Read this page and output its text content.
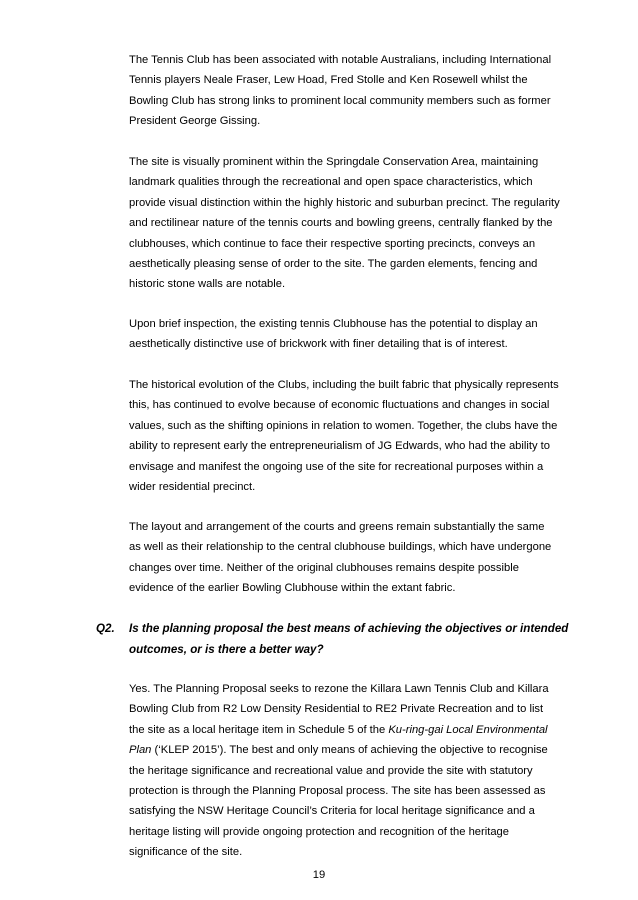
The Tennis Club has been associated with notable Australians, including International
Tennis players Neale Fraser, Lew Hoad, Fred Stolle and Ken Rosewell whilst the
Bowling Club has strong links to prominent local community members such as former
President George Gissing.

The site is visually prominent within the Springdale Conservation Area, maintaining
landmark qualities through the recreational and open space characteristics, which
provide visual distinction within the highly historic and suburban precinct. The regularity
and rectilinear nature of the tennis courts and bowling greens, centrally flanked by the
clubhouses, which continue to face their respective sporting precincts, conveys an
aesthetically pleasing sense of order to the site. The garden elements, fencing and
historic stone walls are notable.

Upon brief inspection, the existing tennis Clubhouse has the potential to display an
aesthetically distinctive use of brickwork with finer detailing that is of interest.

The historical evolution of the Clubs, including the built fabric that physically represents
this, has continued to evolve because of economic fluctuations and changes in social
values, such as the shifting opinions in relation to women. Together, the clubs have the
ability to represent early the entrepreneurialism of JG Edwards, who had the ability to
envisage and manifest the ongoing use of the site for recreational purposes within a
wider residential precinct.

The layout and arrangement of the courts and greens remain substantially the same
as well as their relationship to the central clubhouse buildings, which have undergone
changes over time. Neither of the original clubhouses remains despite possible
evidence of the earlier Bowling Clubhouse within the extant fabric.

Q2. Is the planning proposal the best means of achieving the objectives or intended
outcomes, or is there a better way?

Yes. The Planning Proposal seeks to rezone the Killara Lawn Tennis Club and Killara
Bowling Club from R2 Low Density Residential to RE2 Private Recreation and to list
the site as a local heritage item in Schedule 5 of the Ku-ring-gai Local Environmental
Plan (‘KLEP 2015’). The best and only means of achieving the objective to recognise
the heritage significance and recreational value and provide the site with statutory
protection is through the Planning Proposal process. The site has been assessed as
satisfying the NSW Heritage Council’s Criteria for local heritage significance and a
heritage listing will provide ongoing protection and recognition of the heritage
significance of the site.

19
